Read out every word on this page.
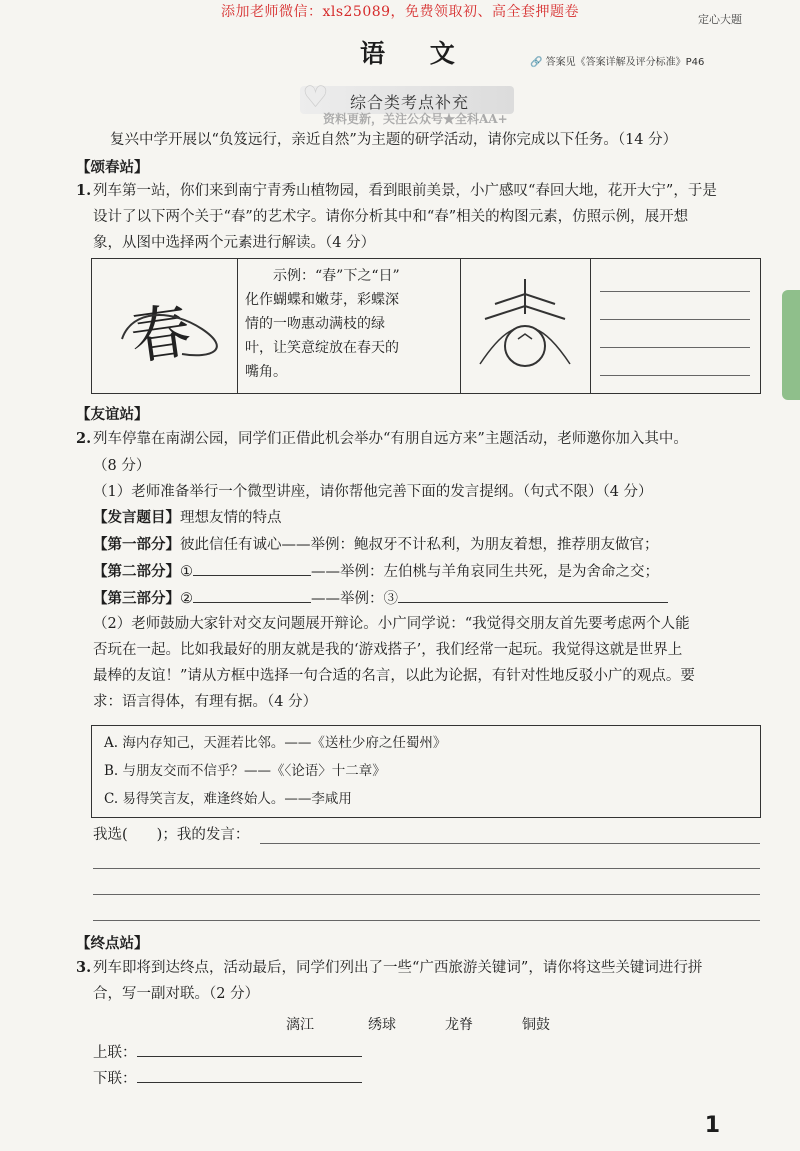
添加老师微信：xls25089，免费领取初、高全套押题卷	定心大题
语 文	🔗 答案见《答案详解及评分标准》P46
♡ 综合类考点补充
资料更新，关注公众号★全科AA+
复兴中学开展以“负笈远行，亲近自然”为主题的研学活动，请你完成以下任务。（14 分）
【颂春站】
1. 列车第一站，你们来到南宁青秀山植物园，看到眼前美景，小广感叹“春回大地，花开大宁”，于是
设计了以下两个关于“春”的艺术字。请你分析其中和“春”相关的构图元素，仿照示例，展开想
象，从图中选择两个元素进行解读。（4 分）
春
示例：“春”下之“日”
化作蝴蝶和嫩芽，彩蝶深
情的一吻惠动满枝的绿
叶，让笑意绽放在春天的
嘴角。
【友谊站】
2. 列车停靠在南湖公园，同学们正借此机会举办“有朋自远方来”主题活动，老师邀你加入其中。
（8 分）
（1）老师准备举行一个微型讲座，请你帮他完善下面的发言提纲。（句式不限）（4 分）
【发言题目】理想友情的特点
【第一部分】彼此信任有诚心——举例：鲍叔牙不计私利，为朋友着想，推荐朋友做官；
【第二部分】①	——举例：左伯桃与羊角哀同生共死，是为舍命之交；
【第三部分】②	——举例：③
（2）老师鼓励大家针对交友问题展开辩论。小广同学说：“我觉得交朋友首先要考虑两个人能
否玩在一起。比如我最好的朋友就是我的‘游戏搭子’，我们经常一起玩。我觉得这就是世界上
最棒的友谊！”请从方框中选择一句合适的名言，以此为论据，有针对性地反驳小广的观点。要
求：语言得体，有理有据。（4 分）
A. 海内存知己，天涯若比邻。——《送杜少府之任蜀州》
B. 与朋友交而不信乎？——《〈论语〉十二章》
C. 易得笑言友，难逢终始人。——李咸用
我选(　　)；我的发言：
【终点站】
3. 列车即将到达终点，活动最后，同学们列出了一些“广西旅游关键词”，请你将这些关键词进行拼
合，写一副对联。（2 分）
漓江	绣球	龙脊	铜鼓
上联：
下联：
1
